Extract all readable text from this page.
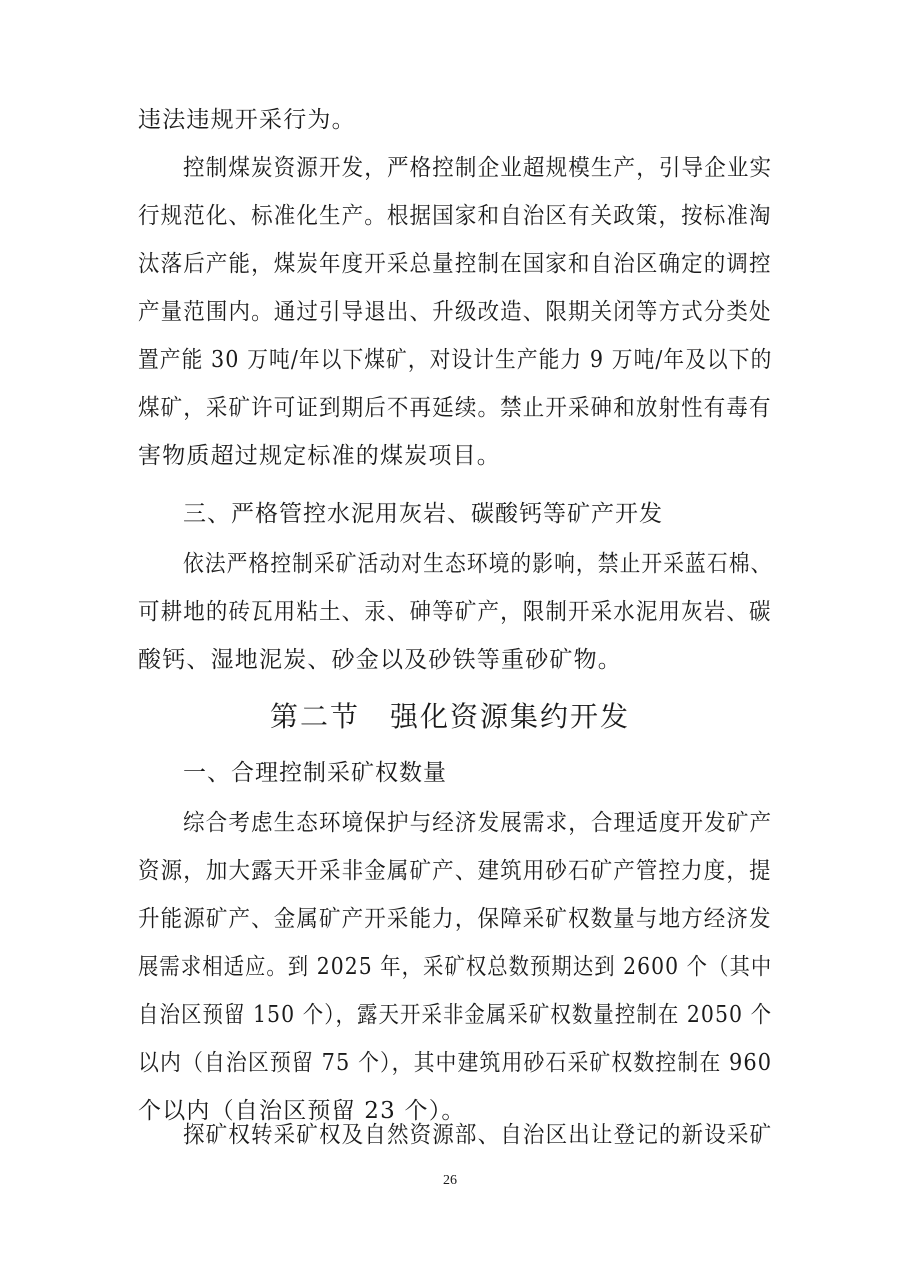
违法违规开采行为。
控制煤炭资源开发，严格控制企业超规模生产，引导企业实
行规范化、标准化生产。根据国家和自治区有关政策，按标准淘
汰落后产能，煤炭年度开采总量控制在国家和自治区确定的调控
产量范围内。通过引导退出、升级改造、限期关闭等方式分类处
置产能 30 万吨/年以下煤矿，对设计生产能力 9 万吨/年及以下的
煤矿，采矿许可证到期后不再延续。禁止开采砷和放射性有毒有
害物质超过规定标准的煤炭项目。
三、严格管控水泥用灰岩、碳酸钙等矿产开发
依法严格控制采矿活动对生态环境的影响，禁止开采蓝石棉、
可耕地的砖瓦用粘土、汞、砷等矿产，限制开采水泥用灰岩、碳
酸钙、湿地泥炭、砂金以及砂铁等重砂矿物。
第二节　强化资源集约开发
一、合理控制采矿权数量
综合考虑生态环境保护与经济发展需求，合理适度开发矿产
资源，加大露天开采非金属矿产、建筑用砂石矿产管控力度，提
升能源矿产、金属矿产开采能力，保障采矿权数量与地方经济发
展需求相适应。到 2025 年，采矿权总数预期达到 2600 个（其中
自治区预留 150 个），露天开采非金属采矿权数量控制在 2050 个
以内（自治区预留 75 个），其中建筑用砂石采矿权数控制在 960
个以内（自治区预留 23 个）。
探矿权转采矿权及自然资源部、自治区出让登记的新设采矿
26
